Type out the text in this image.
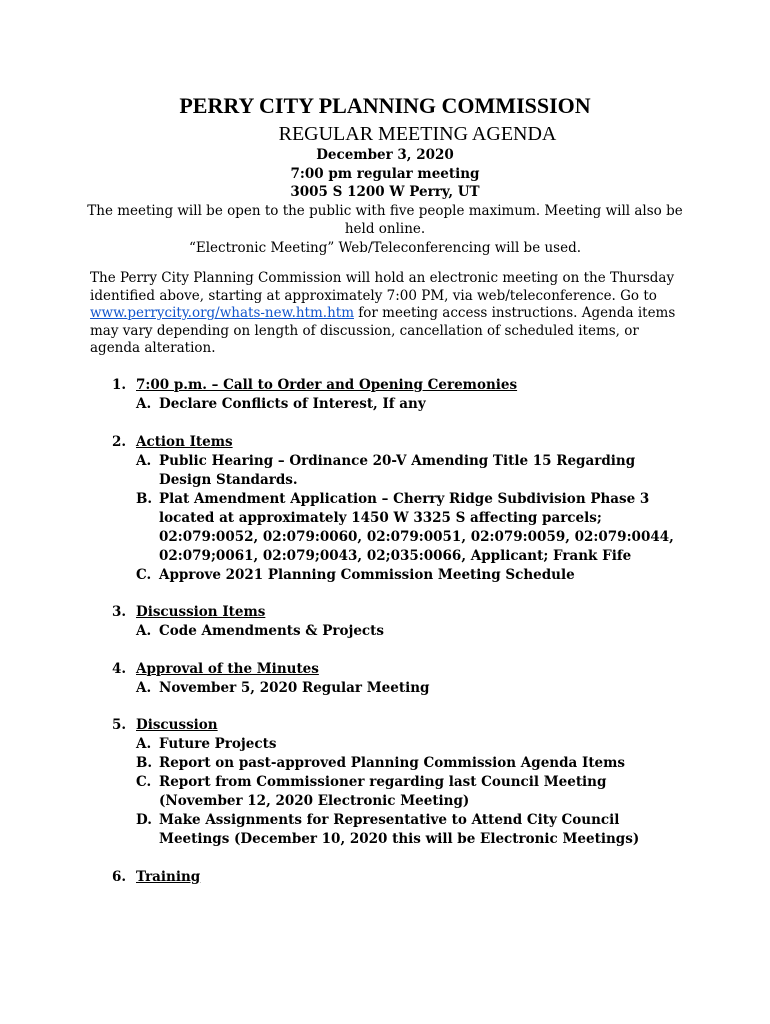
PERRY CITY PLANNING COMMISSION
REGULAR MEETING AGENDA
December 3, 2020
7:00 pm regular meeting
3005 S 1200 W Perry, UT
The meeting will be open to the public with five people maximum. Meeting will also be
held online.
“Electronic Meeting” Web/Teleconferencing will be used.
The Perry City Planning Commission will hold an electronic meeting on the Thursday identified above, starting at approximately 7:00 PM, via web/teleconference. Go to www.perrycity.org/whats-new.htm.htm for meeting access instructions. Agenda items may vary depending on length of discussion, cancellation of scheduled items, or agenda alteration.
1. 7:00 p.m. – Call to Order and Opening Ceremonies
A. Declare Conflicts of Interest, If any
2. Action Items
A. Public Hearing – Ordinance 20-V Amending Title 15 Regarding Design Standards.
B. Plat Amendment Application – Cherry Ridge Subdivision Phase 3 located at approximately 1450 W 3325 S affecting parcels; 02:079:0052, 02:079:0060, 02:079:0051, 02:079:0059, 02:079:0044, 02:079;0061, 02:079;0043, 02;035:0066, Applicant; Frank Fife
C. Approve 2021 Planning Commission Meeting Schedule
3. Discussion Items
A. Code Amendments & Projects
4. Approval of the Minutes
A. November 5, 2020 Regular Meeting
5. Discussion
A. Future Projects
B. Report on past-approved Planning Commission Agenda Items
C. Report from Commissioner regarding last Council Meeting (November 12, 2020 Electronic Meeting)
D. Make Assignments for Representative to Attend City Council Meetings (December 10, 2020 this will be Electronic Meetings)
6. Training
